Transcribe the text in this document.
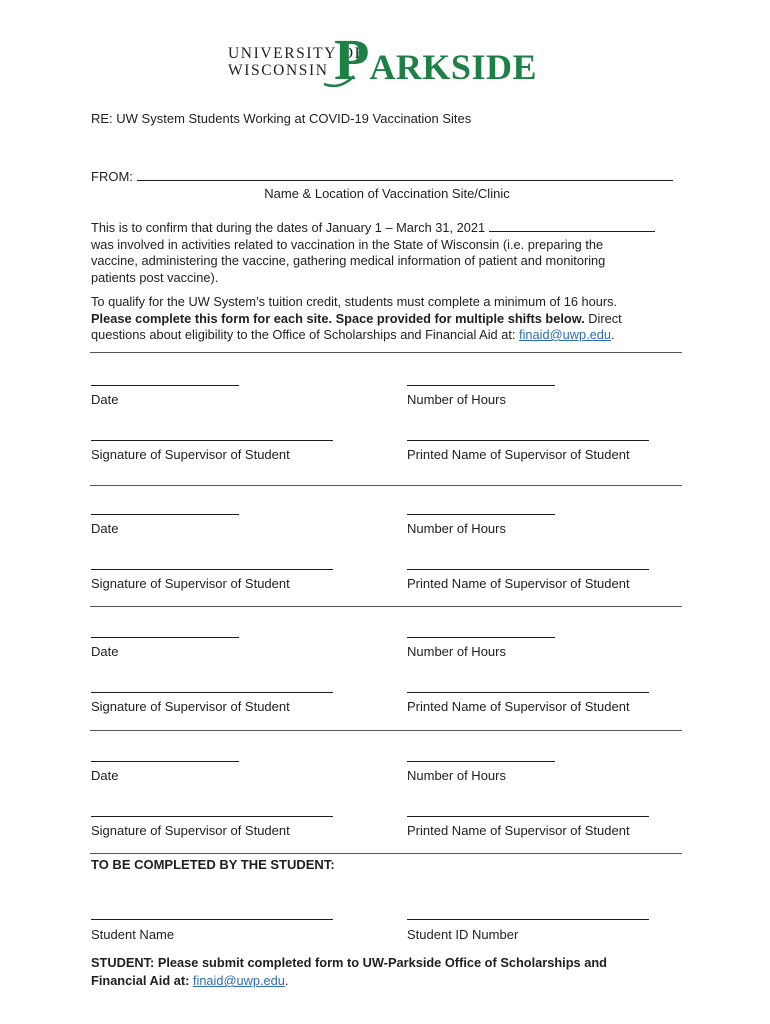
UNIVERSITY OF
WISCONSIN PARKSIDE
RE: UW System Students Working at COVID-19 Vaccination Sites
FROM:
Name & Location of Vaccination Site/Clinic
This is to confirm that during the dates of January 1 – March 31, 2021
was involved in activities related to vaccination in the State of Wisconsin (i.e. preparing the
vaccine, administering the vaccine, gathering medical information of patient and monitoring
patients post vaccine).
To qualify for the UW System’s tuition credit, students must complete a minimum of 16 hours.
Please complete this form for each site. Space provided for multiple shifts below. Direct
questions about eligibility to the Office of Scholarships and Financial Aid at: finaid@uwp.edu.
Date	Number of Hours
Signature of Supervisor of Student	Printed Name of Supervisor of Student
Date	Number of Hours
Signature of Supervisor of Student	Printed Name of Supervisor of Student
Date	Number of Hours
Signature of Supervisor of Student	Printed Name of Supervisor of Student
Date	Number of Hours
Signature of Supervisor of Student	Printed Name of Supervisor of Student
TO BE COMPLETED BY THE STUDENT:
Student Name	Student ID Number
STUDENT: Please submit completed form to UW-Parkside Office of Scholarships and
Financial Aid at: finaid@uwp.edu.
